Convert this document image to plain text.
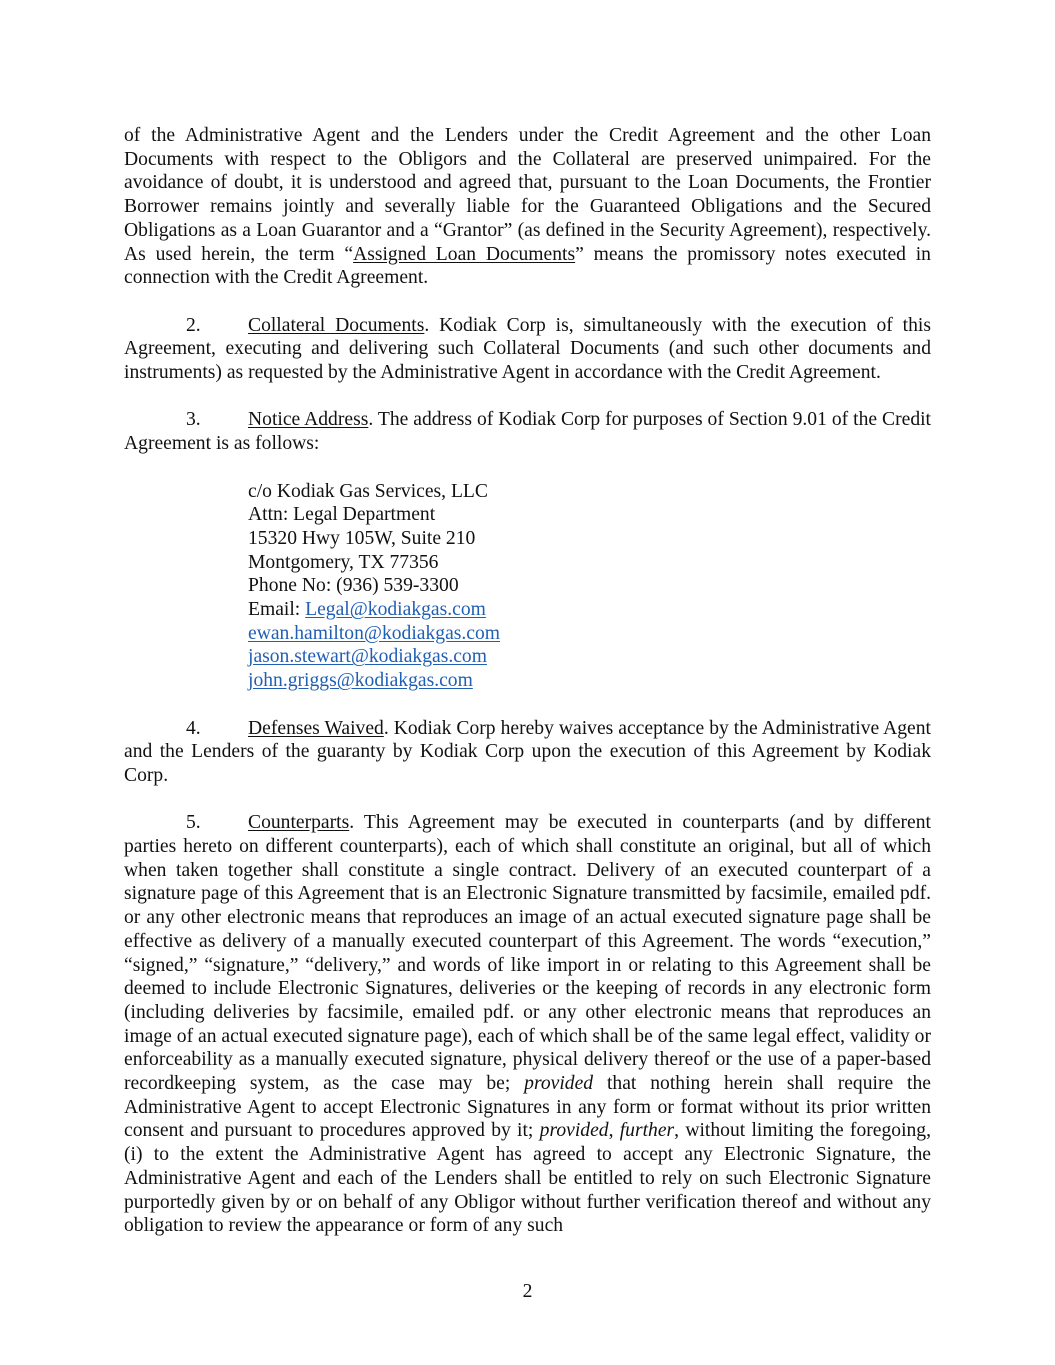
of the Administrative Agent and the Lenders under the Credit Agreement and the other Loan Documents with respect to the Obligors and the Collateral are preserved unimpaired. For the avoidance of doubt, it is understood and agreed that, pursuant to the Loan Documents, the Frontier Borrower remains jointly and severally liable for the Guaranteed Obligations and the Secured Obligations as a Loan Guarantor and a “Grantor” (as defined in the Security Agreement), respectively. As used herein, the term “Assigned Loan Documents” means the promissory notes executed in connection with the Credit Agreement.

2. Collateral Documents. Kodiak Corp is, simultaneously with the execution of this Agreement, executing and delivering such Collateral Documents (and such other documents and instruments) as requested by the Administrative Agent in accordance with the Credit Agreement.

3. Notice Address. The address of Kodiak Corp for purposes of Section 9.01 of the Credit Agreement is as follows:

c/o Kodiak Gas Services, LLC
Attn: Legal Department
15320 Hwy 105W, Suite 210
Montgomery, TX 77356
Phone No: (936) 539-3300
Email: Legal@kodiakgas.com
ewan.hamilton@kodiakgas.com
jason.stewart@kodiakgas.com
john.griggs@kodiakgas.com

4. Defenses Waived. Kodiak Corp hereby waives acceptance by the Administrative Agent and the Lenders of the guaranty by Kodiak Corp upon the execution of this Agreement by Kodiak Corp.

5. Counterparts. This Agreement may be executed in counterparts (and by different parties hereto on different counterparts), each of which shall constitute an original, but all of which when taken together shall constitute a single contract. Delivery of an executed counterpart of a signature page of this Agreement that is an Electronic Signature transmitted by facsimile, emailed pdf. or any other electronic means that reproduces an image of an actual executed signature page shall be effective as delivery of a manually executed counterpart of this Agreement. The words “execution,” “signed,” “signature,” “delivery,” and words of like import in or relating to this Agreement shall be deemed to include Electronic Signatures, deliveries or the keeping of records in any electronic form (including deliveries by facsimile, emailed pdf. or any other electronic means that reproduces an image of an actual executed signature page), each of which shall be of the same legal effect, validity or enforceability as a manually executed signature, physical delivery thereof or the use of a paper-based recordkeeping system, as the case may be; provided that nothing herein shall require the Administrative Agent to accept Electronic Signatures in any form or format without its prior written consent and pursuant to procedures approved by it; provided, further, without limiting the foregoing, (i) to the extent the Administrative Agent has agreed to accept any Electronic Signature, the Administrative Agent and each of the Lenders shall be entitled to rely on such Electronic Signature purportedly given by or on behalf of any Obligor without further verification thereof and without any obligation to review the appearance or form of any such

2
